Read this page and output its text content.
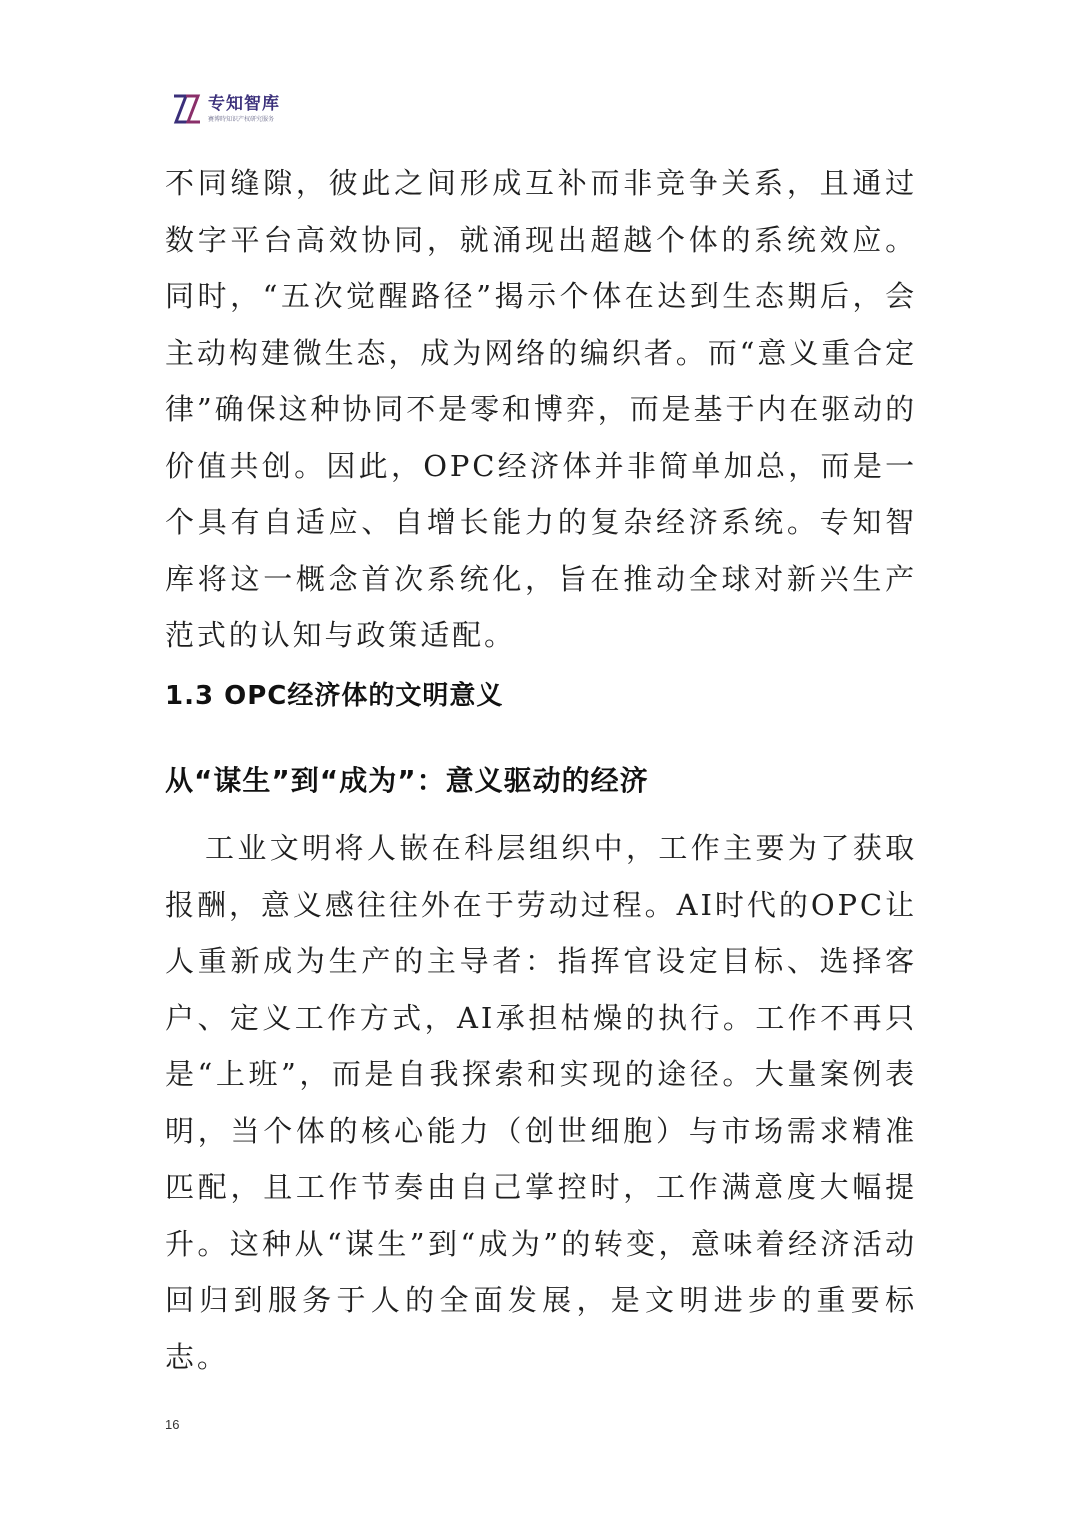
专知智库
賽博時知识产权研究服务

不同缝隙，彼此之间形成互补而非竞争关系，且通过数字平台高效协同，就涌现出超越个体的系统效应。同时，“五次觉醒路径”揭示个体在达到生态期后，会主动构建微生态，成为网络的编织者。而“意义重合定律”确保这种协同不是零和博弈，而是基于内在驱动的价值共创。因此，OPC经济体并非简单加总，而是一个具有自适应、自增长能力的复杂经济系统。专知智库将这一概念首次系统化，旨在推动全球对新兴生产范式的认知与政策适配。

1.3 OPC经济体的文明意义
从“谋生”到“成为”：意义驱动的经济

工业文明将人嵌在科层组织中，工作主要为了获取报酬，意义感往往外在于劳动过程。AI时代的OPC让人重新成为生产的主导者：指挥官设定目标、选择客户、定义工作方式，AI承担枯燥的执行。工作不再只是“上班”，而是自我探索和实现的途径。大量案例表明，当个体的核心能力（创世细胞）与市场需求精准匹配，且工作节奏由自己掌控时，工作满意度大幅提升。这种从“谋生”到“成为”的转变，意味着经济活动回归到服务于人的全面发展，是文明进步的重要标志。

16
